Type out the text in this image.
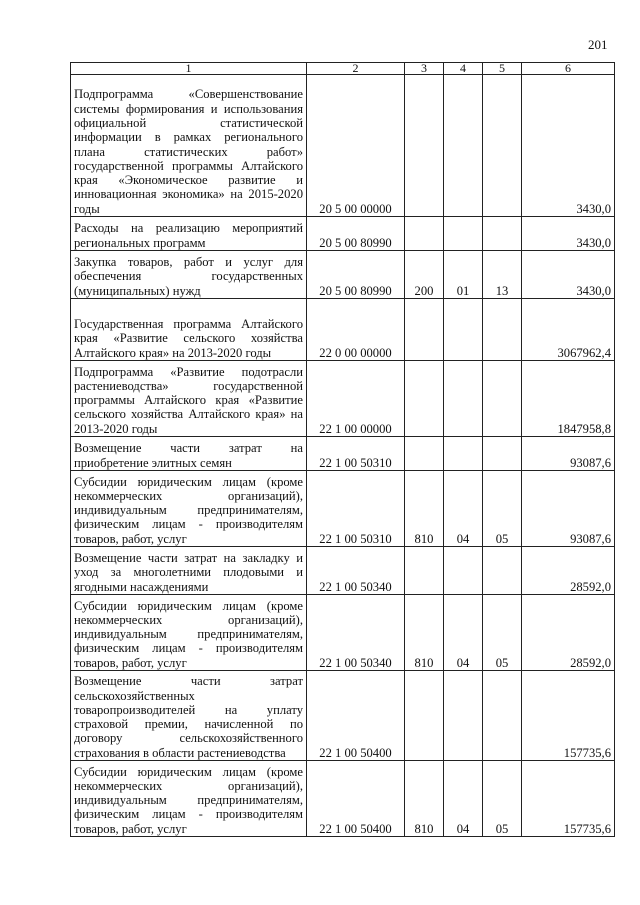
201
1	2	3	4	5	6
Подпрограмма «Совершенствование системы формирования и использования официальной статистической информации в рамках регионального плана статистических работ» государственной программы Алтайского края «Экономическое развитие и инновационная экономика» на 2015-2020 годы	20 5 00 00000				3430,0
Расходы на реализацию мероприятий региональных программ	20 5 00 80990				3430,0
Закупка товаров, работ и услуг для обеспечения государственных (муниципальных) нужд	20 5 00 80990	200	01	13	3430,0
Государственная программа Алтайского края «Развитие сельского хозяйства Алтайского края» на 2013-2020 годы	22 0 00 00000				3067962,4
Подпрограмма «Развитие подотрасли растениеводства» государственной программы Алтайского края «Развитие сельского хозяйства Алтайского края» на 2013-2020 годы	22 1 00 00000				1847958,8
Возмещение части затрат на приобретение элитных семян	22 1 00 50310				93087,6
Субсидии юридическим лицам (кроме некоммерческих организаций), индивидуальным предпринимателям, физическим лицам - производителям товаров, работ, услуг	22 1 00 50310	810	04	05	93087,6
Возмещение части затрат на закладку и уход за многолетними плодовыми и ягодными насаждениями	22 1 00 50340				28592,0
Субсидии юридическим лицам (кроме некоммерческих организаций), индивидуальным предпринимателям, физическим лицам - производителям товаров, работ, услуг	22 1 00 50340	810	04	05	28592,0
Возмещение части затрат сельскохозяйственных товаропроизводителей на уплату страховой премии, начисленной по договору сельскохозяйственного страхования в области растениеводства	22 1 00 50400				157735,6
Субсидии юридическим лицам (кроме некоммерческих организаций), индивидуальным предпринимателям, физическим лицам - производителям товаров, работ, услуг	22 1 00 50400	810	04	05	157735,6
